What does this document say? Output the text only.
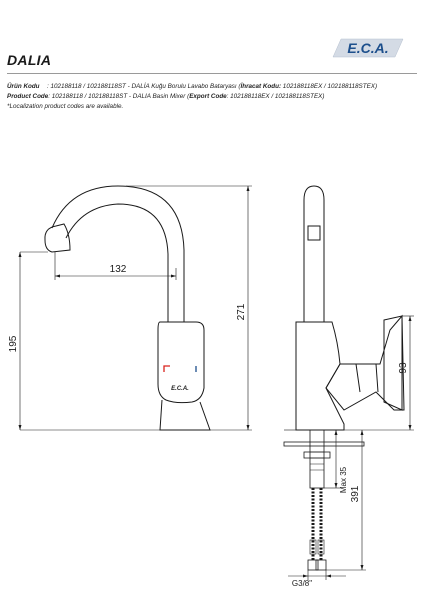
E.C.A.
DALIA
Ürün Kodu : 102188118 / 102188118ST - DALİA Kuğu Borulu Lavabo Bataryası (İhracat Kodu: 102188118EX / 102188118STEX)
Product Code: 102188118 / 102188118ST - DALIA Basin Mixer (Export Code: 102188118EX / 102188118STEX)
*Localization product codes are available.
E.C.A.
132
195
271
93
Max 35
391
G3/8"
